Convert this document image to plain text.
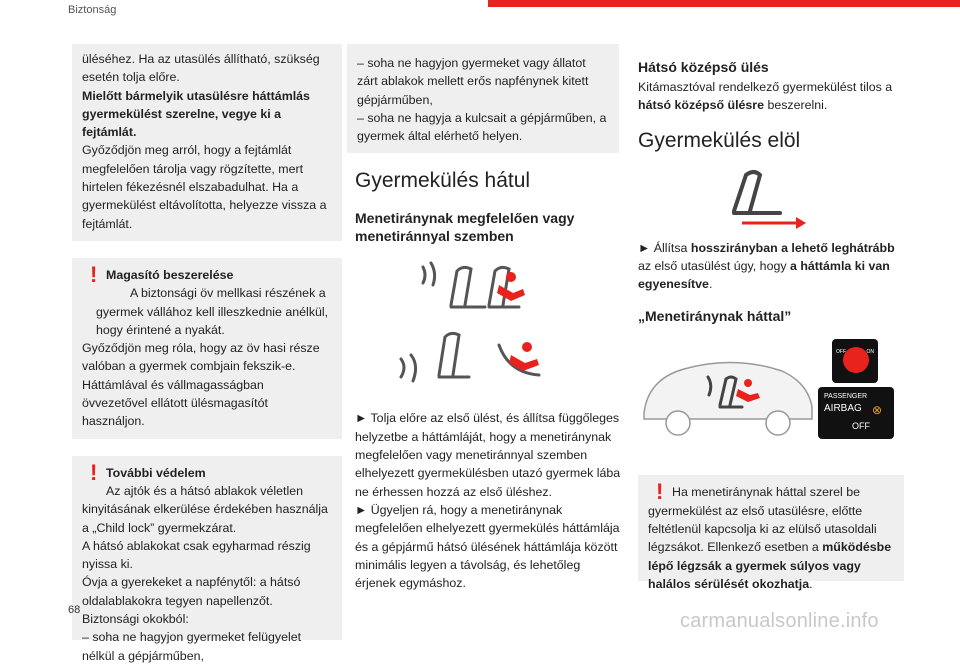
Biztonság

üléséhez. Ha az utasülés állítható, szükség esetén tolja előre.

Mielőtt bármelyik utasülésre háttámlás gyermekülést szerelne, vegye ki a fejtámlát.

Győződjön meg arról, hogy a fejtámlát megfelelően tárolja vagy rögzítette, mert hirtelen fékezésnél elszabadulhat. Ha a gyermekülést eltávolította, helyezze vissza a fejtámlát.

! Magasító beszerelése

A biztonsági öv mellkasi részének a gyermek vállához kell illeszkednie anélkül, hogy érintené a nyakát.

Győződjön meg róla, hogy az öv hasi része valóban a gyermek combjain fekszik-e.

Háttámlával és vállmagasságban övvezetővel ellátott ülésmagasítót használjon.

! További védelem

Az ajtók és a hátsó ablakok véletlen kinyitásának elkerülése érdekében használja a „Child lock” gyermekzárat.

A hátsó ablakokat csak egyharmad részig nyissa ki.

Óvja a gyerekeket a napfénytől: a hátsó oldalablakokra tegyen napellenzőt.

Biztonsági okokból:

– soha ne hagyjon gyermeket felügyelet nélkül a gépjárműben,

– soha ne hagyjon gyermeket vagy állatot zárt ablakok mellett erős napfénynek kitett gépjárműben,

– soha ne hagyja a kulcsait a gépjárműben, a gyermek által elérhető helyen.

Gyermekülés hátul
Menetiránynak megfelelően vagy menetiránnyal szemben

► Tolja előre az első ülést, és állítsa függőleges helyzetbe a háttámláját, hogy a menetiránynak megfelelően vagy menetiránnyal szemben elhelyezett gyermekülésben utazó gyermek lába ne érhessen hozzá az első üléshez.

► Ügyeljen rá, hogy a menetiránynak megfelelően elhelyezett gyermekülés háttámlája és a gépjármű hátsó ülésének háttámlája között minimális legyen a távolság, és lehetőleg érjenek egymáshoz.

Hátsó középső ülés

Kitámasztóval rendelkező gyermekülést tilos a hátsó középső ülésre beszerelni.

Gyermekülés elöl

► Állítsa hosszirányban a lehető leghátrább az első utasülést úgy, hogy a háttámla ki van egyenesítve.

„Menetiránynak háttal”
OFF	ON
PASSENGER
AIRBAG
OFF
⊗
! Ha menetiránynak háttal szerel be gyermekülést az első utasülésre, előtte feltétlenül kapcsolja ki az elülső utasoldali légzsákot. Ellenkező esetben a működésbe lépő légzsák a gyermek súlyos vagy halálos sérülését okozhatja.

68	carmanualsonline.info
